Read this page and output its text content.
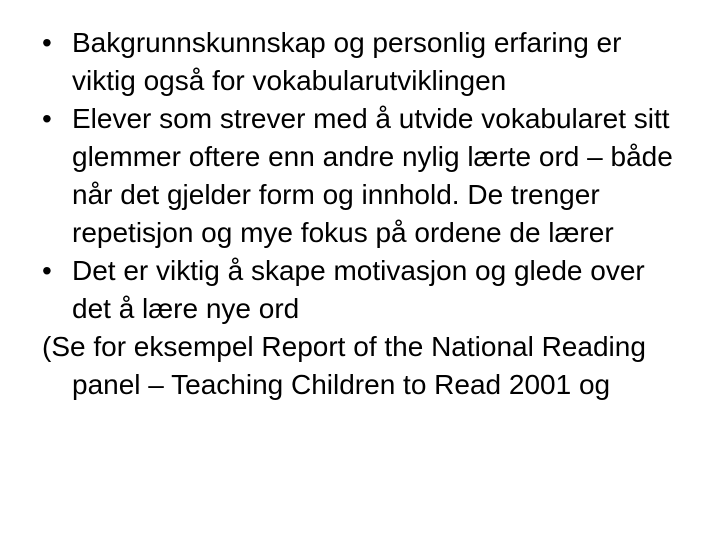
• Bakgrunnskunnskap og personlig erfaring er viktig også for vokabularutviklingen
• Elever som strever med å utvide vokabularet sitt glemmer oftere enn andre nylig lærte ord – både når det gjelder form og innhold. De trenger repetisjon og mye fokus på ordene de lærer
• Det er viktig å skape motivasjon og glede over det å lære nye ord
(Se for eksempel Report of the National Reading panel – Teaching Children to Read 2001 og
